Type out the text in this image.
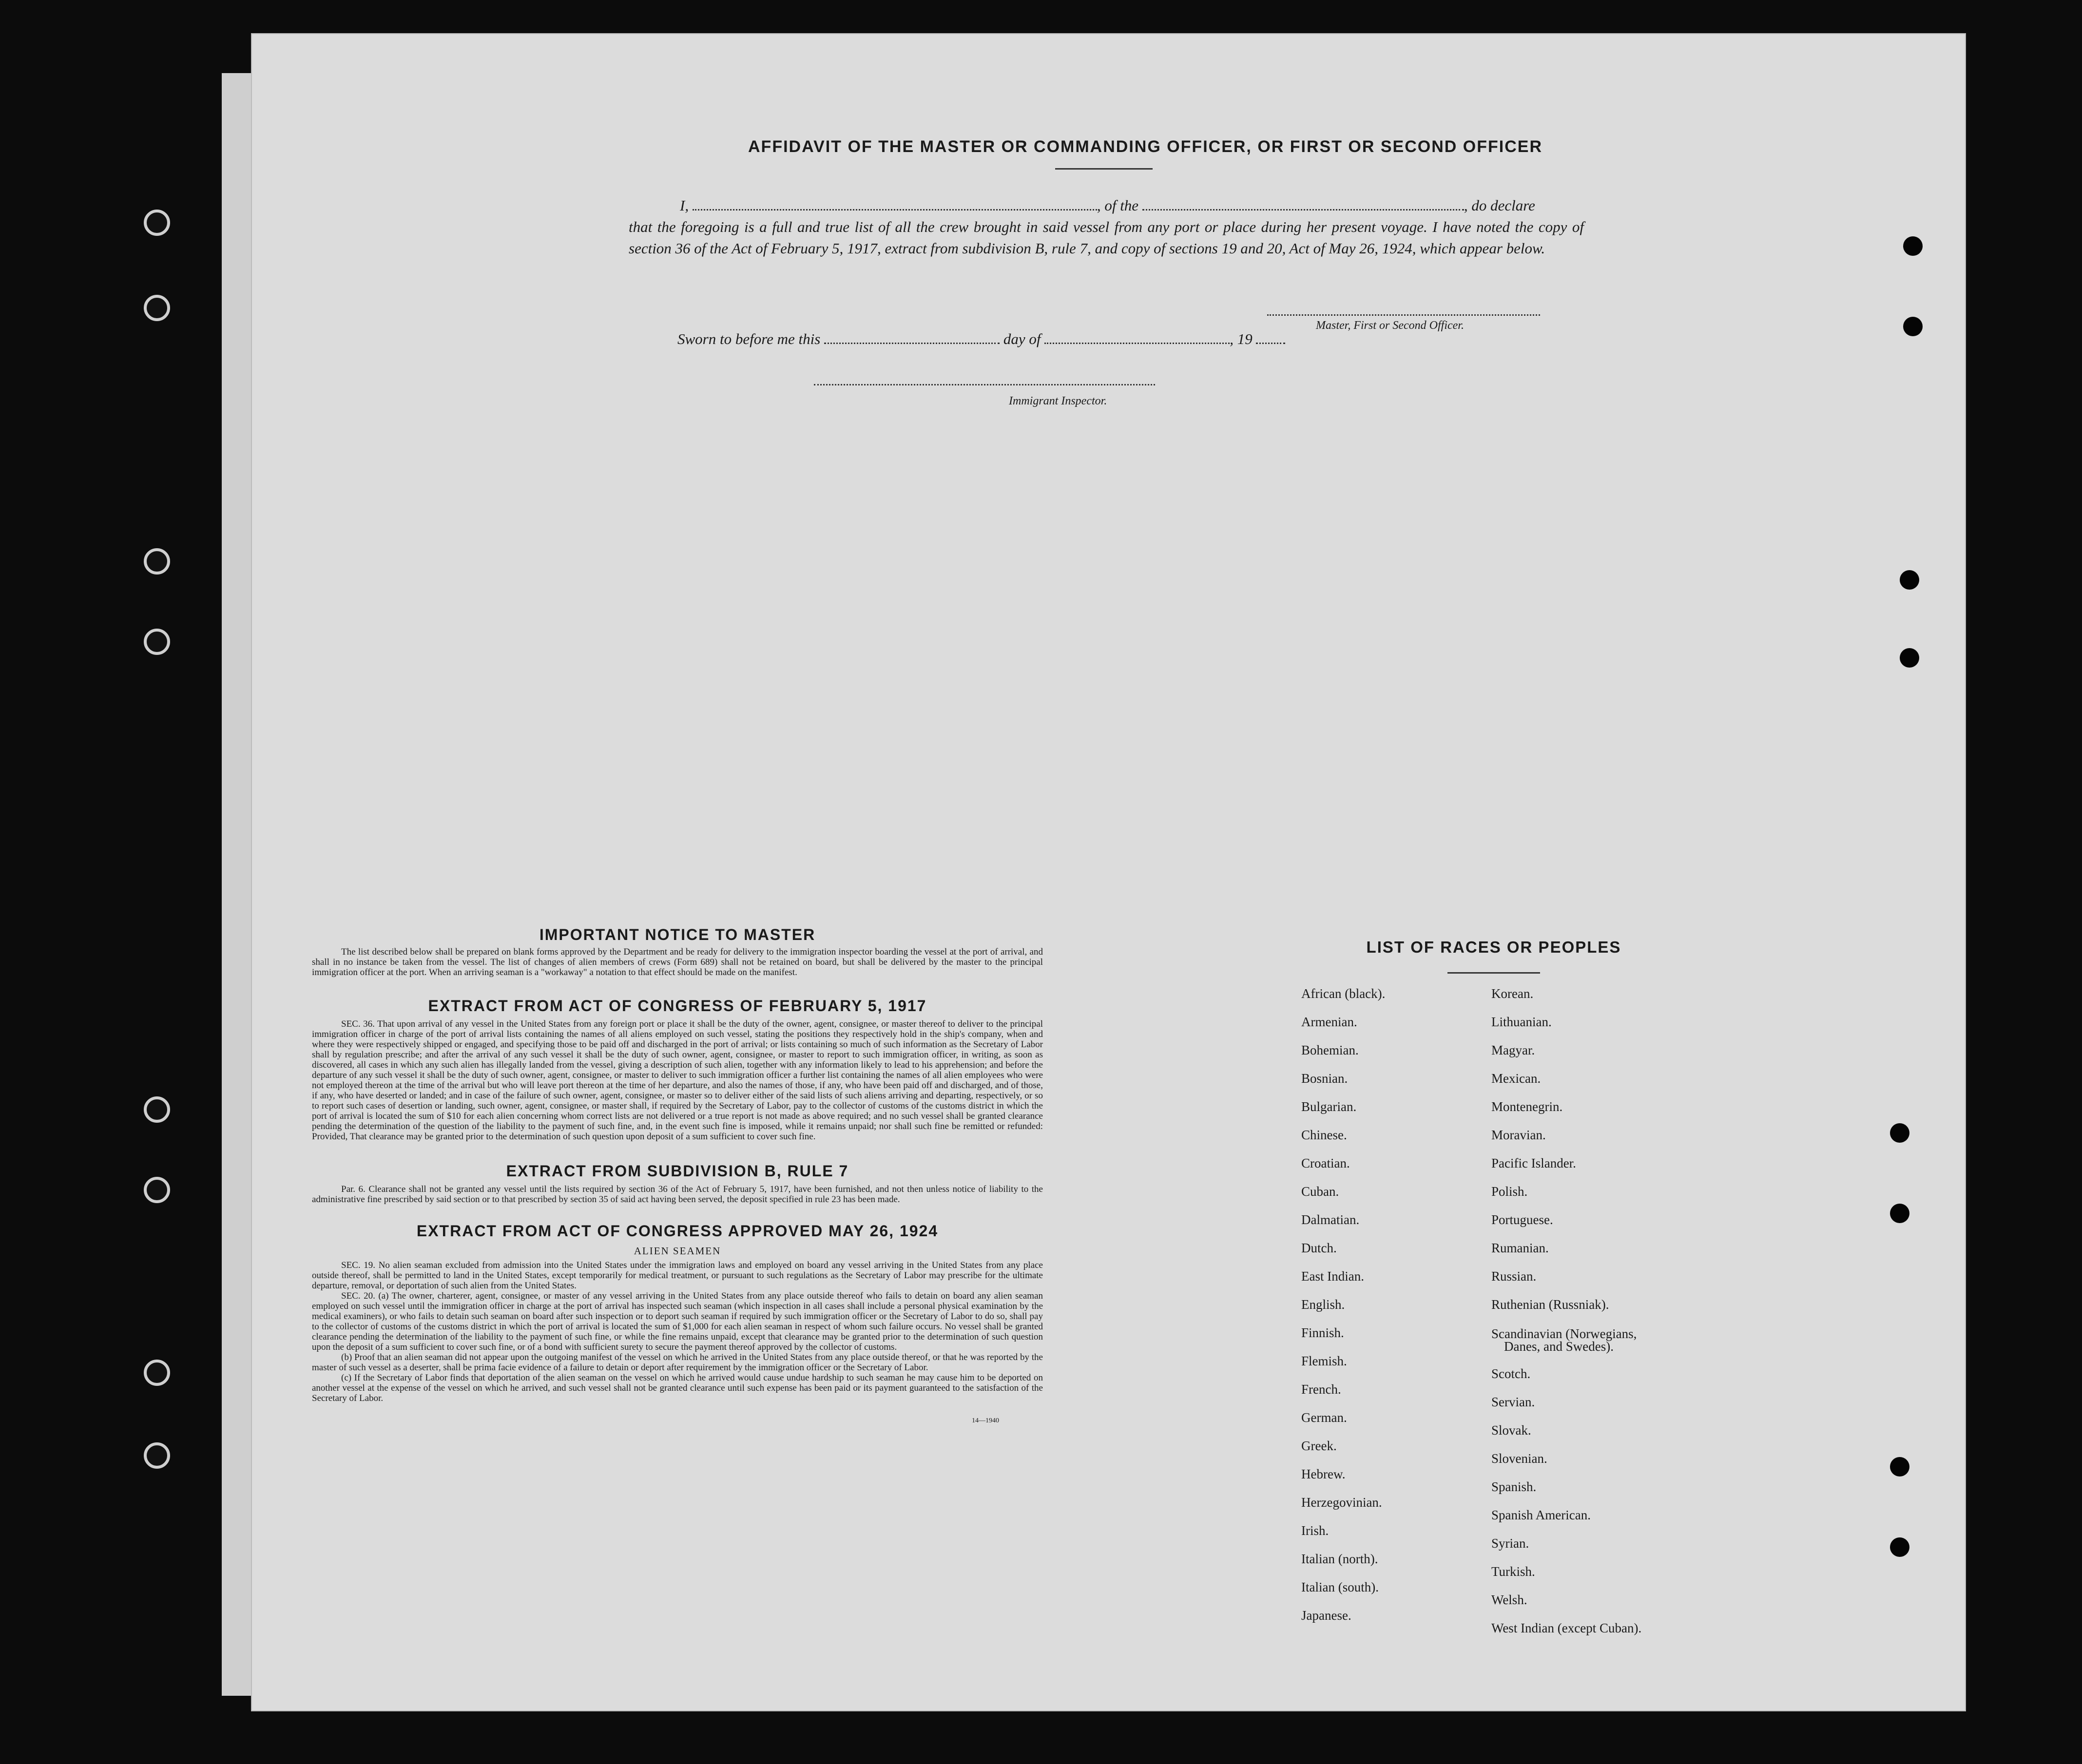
AFFIDAVIT OF THE MASTER OR COMMANDING OFFICER, OR FIRST OR SECOND OFFICER
I,	, of the	, do declare
that the foregoing is a full and true list of all the crew brought in said vessel from any port or place during her present voyage. I have noted the copy of section 36 of the Act of February 5, 1917, extract from subdivision B, rule 7, and copy of sections 19 and 20, Act of May 26, 1924, which appear below.
Master, First or Second Officer.
Sworn to before me this	day of	, 19
Immigrant Inspector.
IMPORTANT NOTICE TO MASTER
The list described below shall be prepared on blank forms approved by the Department and be ready for delivery to the immigration inspector boarding the vessel at the port of arrival, and shall in no instance be taken from the vessel. The list of changes of alien members of crews (Form 689) shall not be retained on board, but shall be delivered by the master to the principal immigration officer at the port. When an arriving seaman is a "workaway" a notation to that effect should be made on the manifest.
EXTRACT FROM ACT OF CONGRESS OF FEBRUARY 5, 1917
SEC. 36. That upon arrival of any vessel in the United States from any foreign port or place it shall be the duty of the owner, agent, consignee, or master thereof to deliver to the principal immigration officer in charge of the port of arrival lists containing the names of all aliens employed on such vessel, stating the positions they respectively hold in the ship's company, when and where they were respectively shipped or engaged, and specifying those to be paid off and discharged in the port of arrival; or lists containing so much of such information as the Secretary of Labor shall by regulation prescribe; and after the arrival of any such vessel it shall be the duty of such owner, agent, consignee, or master to report to such immigration officer, in writing, as soon as discovered, all cases in which any such alien has illegally landed from the vessel, giving a description of such alien, together with any information likely to lead to his apprehension; and before the departure of any such vessel it shall be the duty of such owner, agent, consignee, or master to deliver to such immigration officer a further list containing the names of all alien employees who were not employed thereon at the time of the arrival but who will leave port thereon at the time of her departure, and also the names of those, if any, who have been paid off and discharged, and of those, if any, who have deserted or landed; and in case of the failure of such owner, agent, consignee, or master so to deliver either of the said lists of such aliens arriving and departing, respectively, or so to report such cases of desertion or landing, such owner, agent, consignee, or master shall, if required by the Secretary of Labor, pay to the collector of customs of the customs district in which the port of arrival is located the sum of $10 for each alien concerning whom correct lists are not delivered or a true report is not made as above required; and no such vessel shall be granted clearance pending the determination of the question of the liability to the payment of such fine, and, in the event such fine is imposed, while it remains unpaid; nor shall such fine be remitted or refunded: Provided, That clearance may be granted prior to the determination of such question upon deposit of a sum sufficient to cover such fine.
EXTRACT FROM SUBDIVISION B, RULE 7
Par. 6. Clearance shall not be granted any vessel until the lists required by section 36 of the Act of February 5, 1917, have been furnished, and not then unless notice of liability to the administrative fine prescribed by said section or to that prescribed by section 35 of said act having been served, the deposit specified in rule 23 has been made.
EXTRACT FROM ACT OF CONGRESS APPROVED MAY 26, 1924
ALIEN SEAMEN
SEC. 19. No alien seaman excluded from admission into the United States under the immigration laws and employed on board any vessel arriving in the United States from any place outside thereof, shall be permitted to land in the United States, except temporarily for medical treatment, or pursuant to such regulations as the Secretary of Labor may prescribe for the ultimate departure, removal, or deportation of such alien from the United States.
SEC. 20. (a) The owner, charterer, agent, consignee, or master of any vessel arriving in the United States from any place outside thereof who fails to detain on board any alien seaman employed on such vessel until the immigration officer in charge at the port of arrival has inspected such seaman (which inspection in all cases shall include a personal physical examination by the medical examiners), or who fails to detain such seaman on board after such inspection or to deport such seaman if required by such immigration officer or the Secretary of Labor to do so, shall pay to the collector of customs of the customs district in which the port of arrival is located the sum of $1,000 for each alien seaman in respect of whom such failure occurs. No vessel shall be granted clearance pending the determination of the liability to the payment of such fine, or while the fine remains unpaid, except that clearance may be granted prior to the determination of such question upon the deposit of a sum sufficient to cover such fine, or of a bond with sufficient surety to secure the payment thereof approved by the collector of customs.
(b) Proof that an alien seaman did not appear upon the outgoing manifest of the vessel on which he arrived in the United States from any place outside thereof, or that he was reported by the master of such vessel as a deserter, shall be prima facie evidence of a failure to detain or deport after requirement by the immigration officer or the Secretary of Labor.
(c) If the Secretary of Labor finds that deportation of the alien seaman on the vessel on which he arrived would cause undue hardship to such seaman he may cause him to be deported on another vessel at the expense of the vessel on which he arrived, and such vessel shall not be granted clearance until such expense has been paid or its payment guaranteed to the satisfaction of the Secretary of Labor.
14—1940
LIST OF RACES OR PEOPLES
African (black).
Armenian.
Bohemian.
Bosnian.
Bulgarian.
Chinese.
Croatian.
Cuban.
Dalmatian.
Dutch.
East Indian.
English.
Finnish.
Flemish.
French.
German.
Greek.
Hebrew.
Herzegovinian.
Irish.
Italian (north).
Italian (south).
Japanese.
Korean.
Lithuanian.
Magyar.
Mexican.
Montenegrin.
Moravian.
Pacific Islander.
Polish.
Portuguese.
Rumanian.
Russian.
Ruthenian (Russniak).
Scandinavian (Norwegians,
Danes, and Swedes).
Scotch.
Servian.
Slovak.
Slovenian.
Spanish.
Spanish American.
Syrian.
Turkish.
Welsh.
West Indian (except Cuban).
